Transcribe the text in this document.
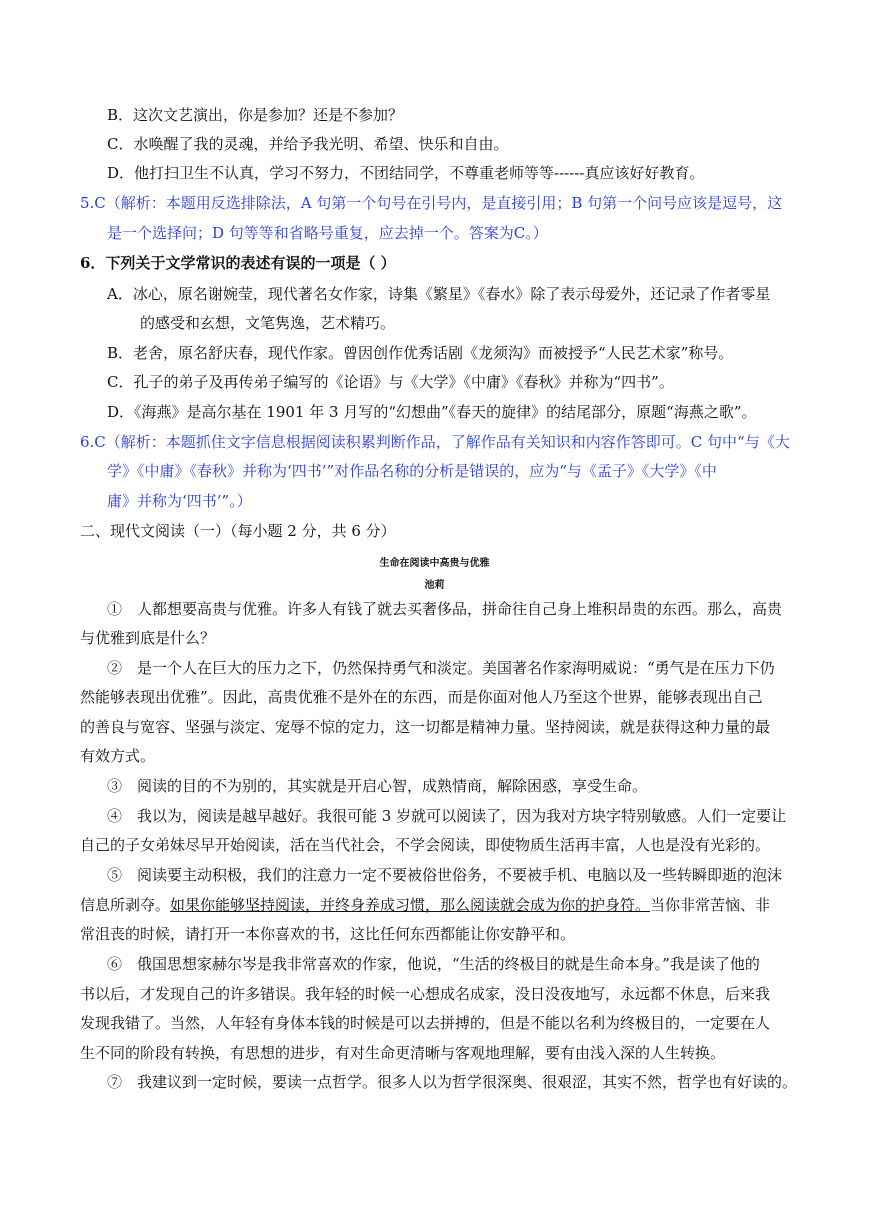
B．这次文艺演出，你是参加？还是不参加？
C．水唤醒了我的灵魂，并给予我光明、希望、快乐和自由。
D．他打扫卫生不认真，学习不努力，不团结同学，不尊重老师等等------真应该好好教育。
5.C（解析：本题用反选排除法，A 句第一个句号在引号内，是直接引用；B 句第一个问号应该是逗号，这
是一个选择问；D 句等等和省略号重复，应去掉一个。答案为C。）
6．下列关于文学常识的表述有误的一项是（ ）
A．冰心，原名谢婉莹，现代著名女作家，诗集《繁星》《春水》除了表示母爱外，还记录了作者零星
的感受和玄想，文笔隽逸，艺术精巧。
B．老舍，原名舒庆春，现代作家。曾因创作优秀话剧《龙须沟》而被授予“人民艺术家”称号。
C．孔子的弟子及再传弟子编写的《论语》与《大学》《中庸》《春秋》并称为“四书”。
D．《海燕》是高尔基在 1901 年 3 月写的“幻想曲”《春天的旋律》的结尾部分，原题“海燕之歌”。
6.C（解析：本题抓住文字信息根据阅读积累判断作品，了解作品有关知识和内容作答即可。C 句中“与《大
学》《中庸》《春秋》并称为‘四书’”对作品名称的分析是错误的，应为“与《孟子》《大学》《中
庸》并称为‘四书’”。）
二、现代文阅读（一）（每小题 2 分，共 6 分）
生命在阅读中高贵与优雅
池莉
①　人都想要高贵与优雅。许多人有钱了就去买奢侈品，拼命往自己身上堆积昂贵的东西。那么，高贵
与优雅到底是什么？
②　是一个人在巨大的压力之下，仍然保持勇气和淡定。美国著名作家海明威说：“勇气是在压力下仍
然能够表现出优雅”。因此，高贵优雅不是外在的东西，而是你面对他人乃至这个世界，能够表现出自己
的善良与宽容、坚强与淡定、宠辱不惊的定力，这一切都是精神力量。坚持阅读，就是获得这种力量的最
有效方式。
③　阅读的目的不为别的，其实就是开启心智，成熟情商，解除困惑，享受生命。
④　我以为，阅读是越早越好。我很可能 3 岁就可以阅读了，因为我对方块字特别敏感。人们一定要让
自己的子女弟妹尽早开始阅读，活在当代社会，不学会阅读，即使物质生活再丰富，人也是没有光彩的。
⑤　阅读要主动积极，我们的注意力一定不要被俗世俗务，不要被手机、电脑以及一些转瞬即逝的泡沫
信息所剥夺。如果你能够坚持阅读，并终身养成习惯，那么阅读就会成为你的护身符。当你非常苦恼、非
常沮丧的时候，请打开一本你喜欢的书，这比任何东西都能让你安静平和。
⑥　俄国思想家赫尔岑是我非常喜欢的作家，他说，“生活的终极目的就是生命本身。”我是读了他的
书以后，才发现自己的许多错误。我年轻的时候一心想成名成家，没日没夜地写，永远都不休息，后来我
发现我错了。当然，人年轻有身体本钱的时候是可以去拼搏的，但是不能以名利为终极目的，一定要在人
生不同的阶段有转换，有思想的进步，有对生命更清晰与客观地理解，要有由浅入深的人生转换。
⑦　我建议到一定时候，要读一点哲学。很多人以为哲学很深奥、很艰涩，其实不然，哲学也有好读的。
